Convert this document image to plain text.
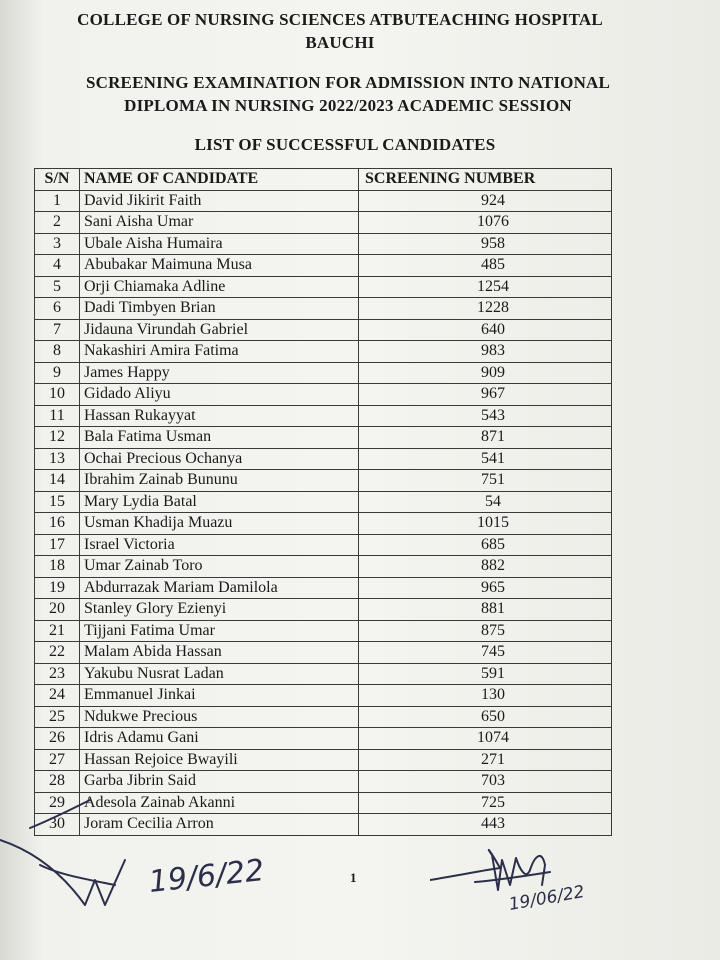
COLLEGE OF NURSING SCIENCES ATBUTEACHING HOSPITAL
BAUCHI
SCREENING EXAMINATION FOR ADMISSION INTO NATIONAL
DIPLOMA IN NURSING 2022/2023 ACADEMIC SESSION
LIST OF SUCCESSFUL CANDIDATES
S/N	NAME OF CANDIDATE	SCREENING NUMBER
1	David Jikirit Faith	924
2	Sani Aisha Umar	1076
3	Ubale Aisha Humaira	958
4	Abubakar Maimuna Musa	485
5	Orji Chiamaka Adline	1254
6	Dadi Timbyen Brian	1228
7	Jidauna Virundah Gabriel	640
8	Nakashiri Amira Fatima	983
9	James Happy	909
10	Gidado Aliyu	967
11	Hassan Rukayyat	543
12	Bala Fatima Usman	871
13	Ochai Precious Ochanya	541
14	Ibrahim Zainab Bununu	751
15	Mary Lydia Batal	54
16	Usman Khadija Muazu	1015
17	Israel Victoria	685
18	Umar Zainab Toro	882
19	Abdurrazak Mariam Damilola	965
20	Stanley Glory Ezienyi	881
21	Tijjani Fatima Umar	875
22	Malam Abida Hassan	745
23	Yakubu Nusrat Ladan	591
24	Emmanuel Jinkai	130
25	Ndukwe Precious	650
26	Idris Adamu Gani	1074
27	Hassan Rejoice Bwayili	271
28	Garba Jibrin Said	703
29	Adesola Zainab Akanni	725
30	Joram Cecilia Arron	443
19/6/22	1
19/06/22
